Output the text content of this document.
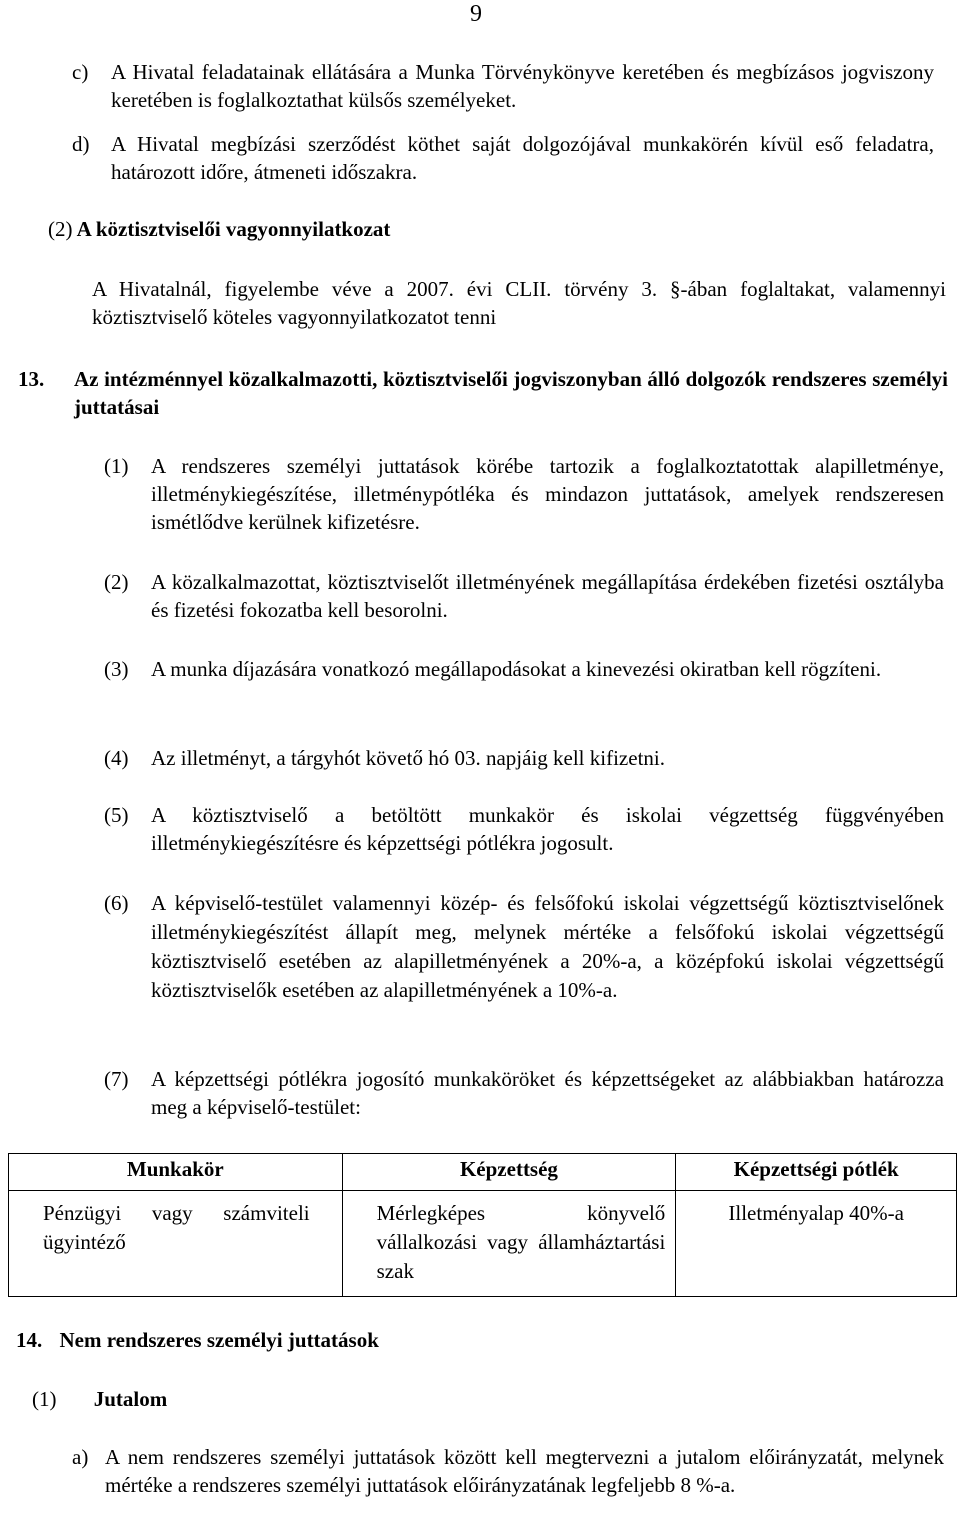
9
c) A Hivatal feladatainak ellátására a Munka Törvénykönyve keretében és megbízásos jogviszony keretében is foglalkoztathat külsős személyeket.
d) A Hivatal megbízási szerződést köthet saját dolgozójával munkakörén kívül eső feladatra, határozott időre, átmeneti időszakra.
(2) A köztisztviselői vagyonnyilatkozat
A Hivatalnál, figyelembe véve a 2007. évi CLII. törvény 3. §-ában foglaltakat, valamennyi köztisztviselő köteles vagyonnyilatkozatot tenni
13. Az intézménnyel közalkalmazotti, köztisztviselői jogviszonyban álló dolgozók rendszeres személyi juttatásai
(1) A rendszeres személyi juttatások körébe tartozik a foglalkoztatottak alapilletménye, illetménykiegészítése, illetménypótléka és mindazon juttatások, amelyek rendszeresen ismétlődve kerülnek kifizetésre.
(2) A közalkalmazottat, köztisztviselőt illetményének megállapítása érdekében fizetési osztályba és fizetési fokozatba kell besorolni.
(3) A munka díjazására vonatkozó megállapodásokat a kinevezési okiratban kell rögzíteni.
(4) Az illetményt, a tárgyhót követő hó 03. napjáig kell kifizetni.
(5) A köztisztviselő a betöltött munkakör és iskolai végzettség függvényében illetménykiegészítésre és képzettségi pótlékra jogosult.
(6) A képviselő-testület valamennyi közép- és felsőfokú iskolai végzettségű köztisztviselőnek illetménykiegészítést állapít meg, melynek mértéke a felsőfokú iskolai végzettségű köztisztviselő esetében az alapilletményének a 20%-a, a középfokú iskolai végzettségű köztisztviselők esetében az alapilletményének a 10%-a.
(7) A képzettségi pótlékra jogosító munkaköröket és képzettségeket az alábbiakban határozza meg a képviselő-testület:
Munkakör	Képzettség	Képzettségi pótlék

Pénzügyi vagy számviteli ügyintéző	Mérlegképes könyvelő vállalkozási vagy államháztartási szak	Illetményalap 40%-a
14. Nem rendszeres személyi juttatások
(1) Jutalom
a) A nem rendszeres személyi juttatások között kell megtervezni a jutalom előirányzatát, melynek mértéke a rendszeres személyi juttatások előirányzatának legfeljebb 8 %-a.
